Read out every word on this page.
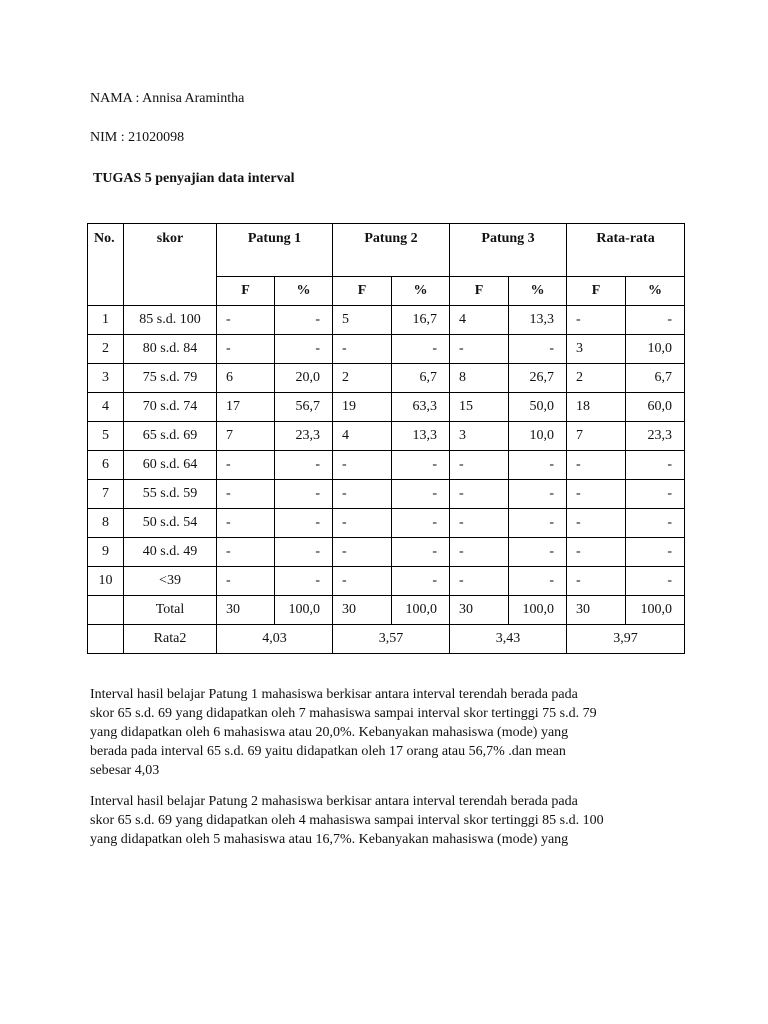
NAMA : Annisa Aramintha
NIM : 21020098
TUGAS 5 penyajian data interval
No.	skor	Patung 1		Patung 2		Patung 3		Rata-rata	
		F	%	F	%	F	%	F	%
1	85 s.d. 100	-	-	5	16,7	4	13,3	-	-
2	80 s.d. 84	-	-	-	-	-	-	3	10,0
3	75 s.d. 79	6	20,0	2	6,7	8	26,7	2	6,7
4	70 s.d. 74	17	56,7	19	63,3	15	50,0	18	60,0
5	65 s.d. 69	7	23,3	4	13,3	3	10,0	7	23,3
6	60 s.d. 64	-	-	-	-	-	-	-	-
7	55 s.d. 59	-	-	-	-	-	-	-	-
8	50 s.d. 54	-	-	-	-	-	-	-	-
9	40 s.d. 49	-	-	-	-	-	-	-	-
10	<39	-	-	-	-	-	-	-	-
	Total	30	100,0	30	100,0	30	100,0	30	100,0
	Rata2	4,03		3,57		3,43		3,97	
Interval hasil belajar Patung 1 mahasiswa berkisar antara interval terendah berada pada
skor 65 s.d. 69 yang didapatkan oleh 7 mahasiswa sampai interval skor tertinggi 75 s.d. 79
yang didapatkan oleh 6 mahasiswa atau 20,0%. Kebanyakan mahasiswa (mode) yang
berada pada interval 65 s.d. 69 yaitu didapatkan oleh 17 orang atau 56,7% .dan mean
sebesar 4,03
Interval hasil belajar Patung 2 mahasiswa berkisar antara interval terendah berada pada
skor 65 s.d. 69 yang didapatkan oleh 4 mahasiswa sampai interval skor tertinggi 85 s.d. 100
yang didapatkan oleh 5 mahasiswa atau 16,7%. Kebanyakan mahasiswa (mode) yang
